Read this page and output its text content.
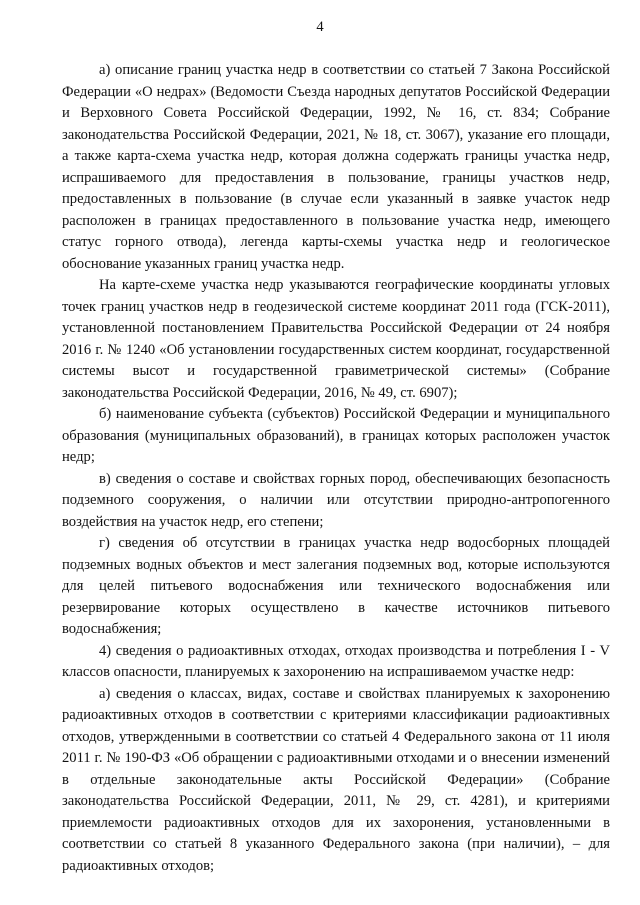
4

а) описание границ участка недр в соответствии со статьей 7 Закона Российской Федерации «О недрах» (Ведомости Съезда народных депутатов Российской Федерации и Верховного Совета Российской Федерации, 1992, № 16, ст. 834; Собрание законодательства Российской Федерации, 2021, № 18, ст. 3067), указание его площади, а также карта-схема участка недр, которая должна содержать границы участка недр, испрашиваемого для предоставления в пользование, границы участков недр, предоставленных в пользование (в случае если указанный в заявке участок недр расположен в границах предоставленного в пользование участка недр, имеющего статус горного отвода), легенда карты-схемы участка недр и геологическое обоснование указанных границ участка недр.

На карте-схеме участка недр указываются географические координаты угловых точек границ участков недр в геодезической системе координат 2011 года (ГСК-2011), установленной постановлением Правительства Российской Федерации от 24 ноября 2016 г. № 1240 «Об установлении государственных систем координат, государственной системы высот и государственной гравиметрической системы» (Собрание законодательства Российской Федерации, 2016, № 49, ст. 6907);

б) наименование субъекта (субъектов) Российской Федерации и муниципального образования (муниципальных образований), в границах которых расположен участок недр;

в) сведения о составе и свойствах горных пород, обеспечивающих безопасность подземного сооружения, о наличии или отсутствии природно-антропогенного воздействия на участок недр, его степени;

г) сведения об отсутствии в границах участка недр водосборных площадей подземных водных объектов и мест залегания подземных вод, которые используются для целей питьевого водоснабжения или технического водоснабжения или резервирование которых осуществлено в качестве источников питьевого водоснабжения;

4) сведения о радиоактивных отходах, отходах производства и потребления I - V классов опасности, планируемых к захоронению на испрашиваемом участке недр:

а) сведения о классах, видах, составе и свойствах планируемых к захоронению радиоактивных отходов в соответствии с критериями классификации радиоактивных отходов, утвержденными в соответствии со статьей 4 Федерального закона от 11 июля 2011 г. № 190-ФЗ «Об обращении с радиоактивными отходами и о внесении изменений в отдельные законодательные акты Российской Федерации» (Собрание законодательства Российской Федерации, 2011, № 29, ст. 4281), и критериями приемлемости радиоактивных отходов для их захоронения, установленными в соответствии со статьей 8 указанного Федерального закона (при наличии), – для радиоактивных отходов;
